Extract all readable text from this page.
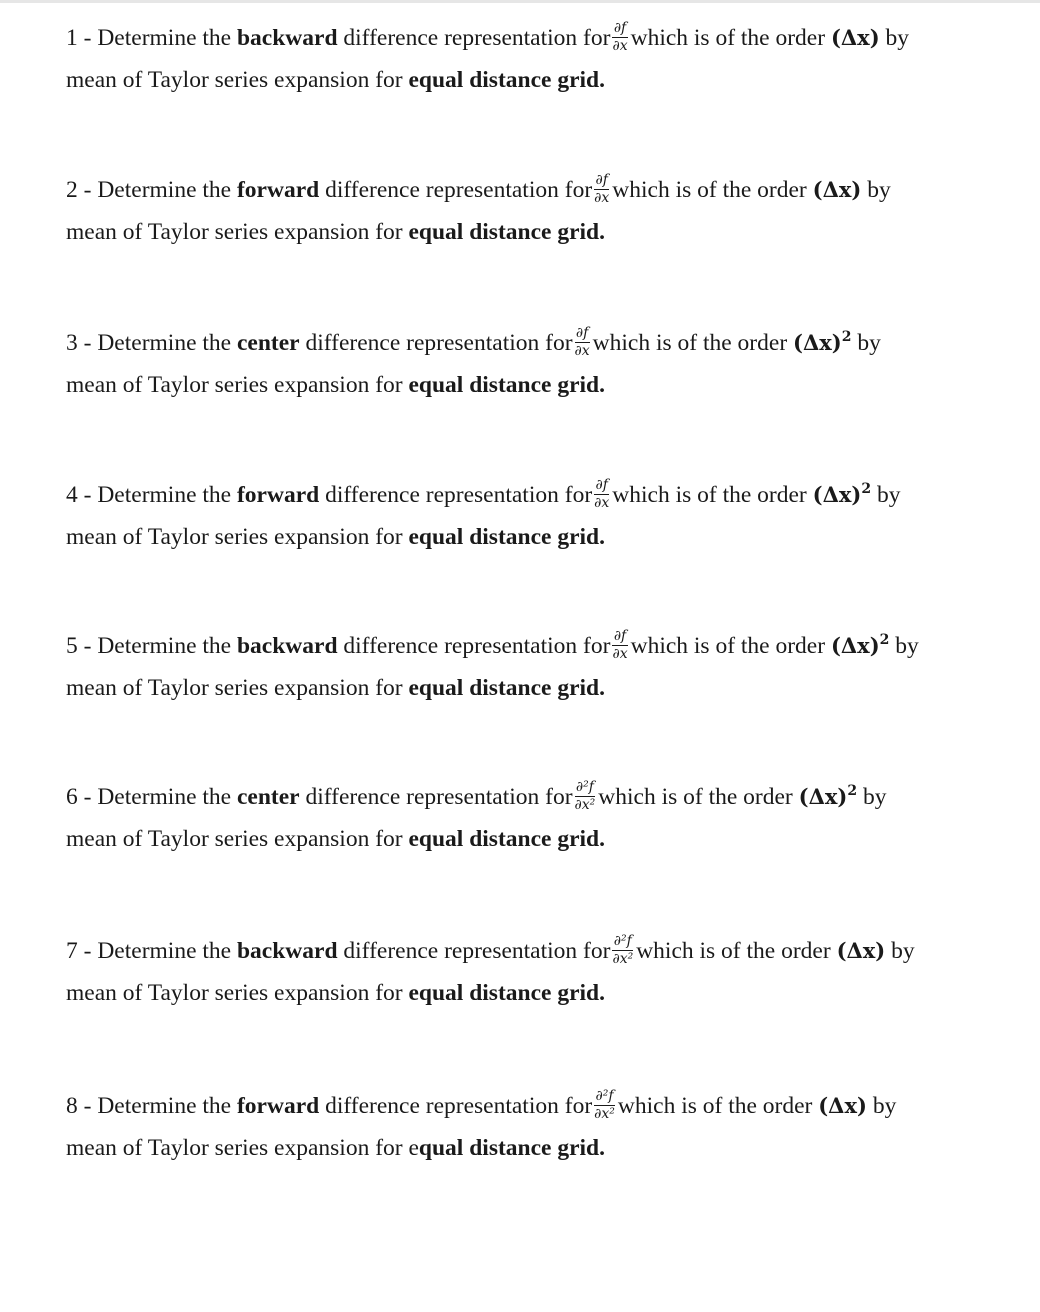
1 - Determine the backward difference representation for $\frac{\partial f}{\partial x}$ which is of the order (Δx) by
mean of Taylor series expansion for equal distance grid.
2 - Determine the forward difference representation for $\frac{\partial f}{\partial x}$ which is of the order (Δx) by
mean of Taylor series expansion for equal distance grid.
3 - Determine the center difference representation for $\frac{\partial f}{\partial x}$ which is of the order $(\Delta x)^2$ by
mean of Taylor series expansion for equal distance grid.
4 - Determine the forward difference representation for $\frac{\partial f}{\partial x}$ which is of the order $(\Delta x)^2$ by
mean of Taylor series expansion for equal distance grid.
5 - Determine the backward difference representation for $\frac{\partial f}{\partial x}$ which is of the order $(\Delta x)^2$ by
mean of Taylor series expansion for equal distance grid.
6 - Determine the center difference representation for $\frac{\text{∂²f}}{\text{∂x²}}$ which is of the order $(\Delta x)^2$ by
mean of Taylor series expansion for equal distance grid.
7 - Determine the backward difference representation for $\frac{\text{∂²f}}{\text{∂x²}}$ which is of the order (Δx) by
mean of Taylor series expansion for equal distance grid.
8 - Determine the forward difference representation for $\frac{\text{∂²f}}{\text{∂x²}}$ which is of the order (Δx) by
mean of Taylor series expansion for equal distance grid.
